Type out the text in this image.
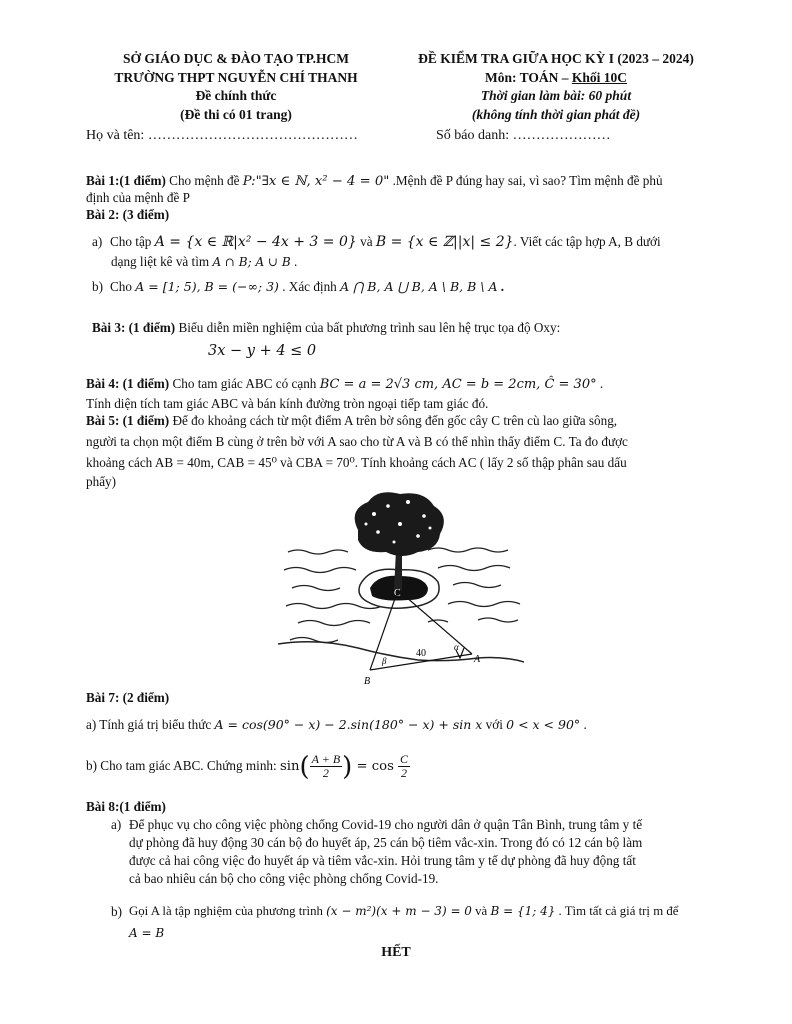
SỞ GIÁO DỤC & ĐÀO TẠO TP.HCM
TRƯỜNG THPT NGUYỄN CHÍ THANH
Đề chính thức
(Đề thi có 01 trang)
ĐỀ KIỂM TRA GIỮA HỌC KỲ I (2023 – 2024)
Môn: TOÁN – Khối 10C
Thời gian làm bài: 60 phút
(không tính thời gian phát đề)
Họ và tên: ………………………………………	Số báo danh: …………………
Bài 1:(1 điểm) Cho mệnh đề P:"∃x ∈ ℕ, x² − 4 = 0" .Mệnh đề P đúng hay sai, vì sao? Tìm mệnh đề phủ
định của mệnh đề P
Bài 2: (3 điểm)
a) Cho tập A = {x ∈ ℝ|x² − 4x + 3 = 0} và B = {x ∈ ℤ||x| ≤ 2}. Viết các tập hợp A, B dưới
dạng liệt kê và tìm A ∩ B; A ∪ B .
b) Cho A = [1; 5), B = (−∞; 3) . Xác định A ⋂ B, A ⋃ B, A \ B, B \ A .
Bài 3: (1 điểm) Biểu diễn miền nghiệm của bất phương trình sau lên hệ trục tọa độ Oxy:
3x − y + 4 ≤ 0
Bài 4: (1 điểm) Cho tam giác ABC có cạnh BC = a = 2√3 cm, AC = b = 2cm, Ĉ = 30° .
Tính diện tích tam giác ABC và bán kính đường tròn ngoại tiếp tam giác đó.
Bài 5: (1 điểm) Để đo khoảng cách từ một điểm A trên bờ sông đến gốc cây C trên cù lao giữa sông,
người ta chọn một điểm B cùng ở trên bờ với A sao cho từ A và B có thể nhìn thấy điểm C. Ta đo được
khoảng cách AB = 40m, CAB = 45⁰ và CBA = 70⁰. Tính khoảng cách AC ( lấy 2 số thập phân sau dấu
phẩy)
C
A
B
40
α
β
Bài 7: (2 điểm)
a) Tính giá trị biểu thức A = cos(90° − x) − 2.sin(180° − x) + sin x với 0 < x < 90° .
b) Cho tam giác ABC. Chứng minh: $\sin( \frac{A + B}{2}$ ) = $\cos \frac{C}{2}$
Bài 8:(1 điểm)
a) Để phục vụ cho công việc phòng chống Covid-19 cho người dân ở quận Tân Bình, trung tâm y tế
dự phòng đã huy động 30 cán bộ đo huyết áp, 25 cán bộ tiêm vắc-xin. Trong đó có 12 cán bộ làm
được cả hai công việc đo huyết áp và tiêm vắc-xin. Hỏi trung tâm y tế dự phòng đã huy động tất
cả bao nhiêu cán bộ cho công việc phòng chống Covid-19.
b) Gọi A là tập nghiệm của phương trình (x − m²)(x + m − 3) = 0 và B = {1; 4} . Tìm tất cả giá trị m để
A = B
HẾT
